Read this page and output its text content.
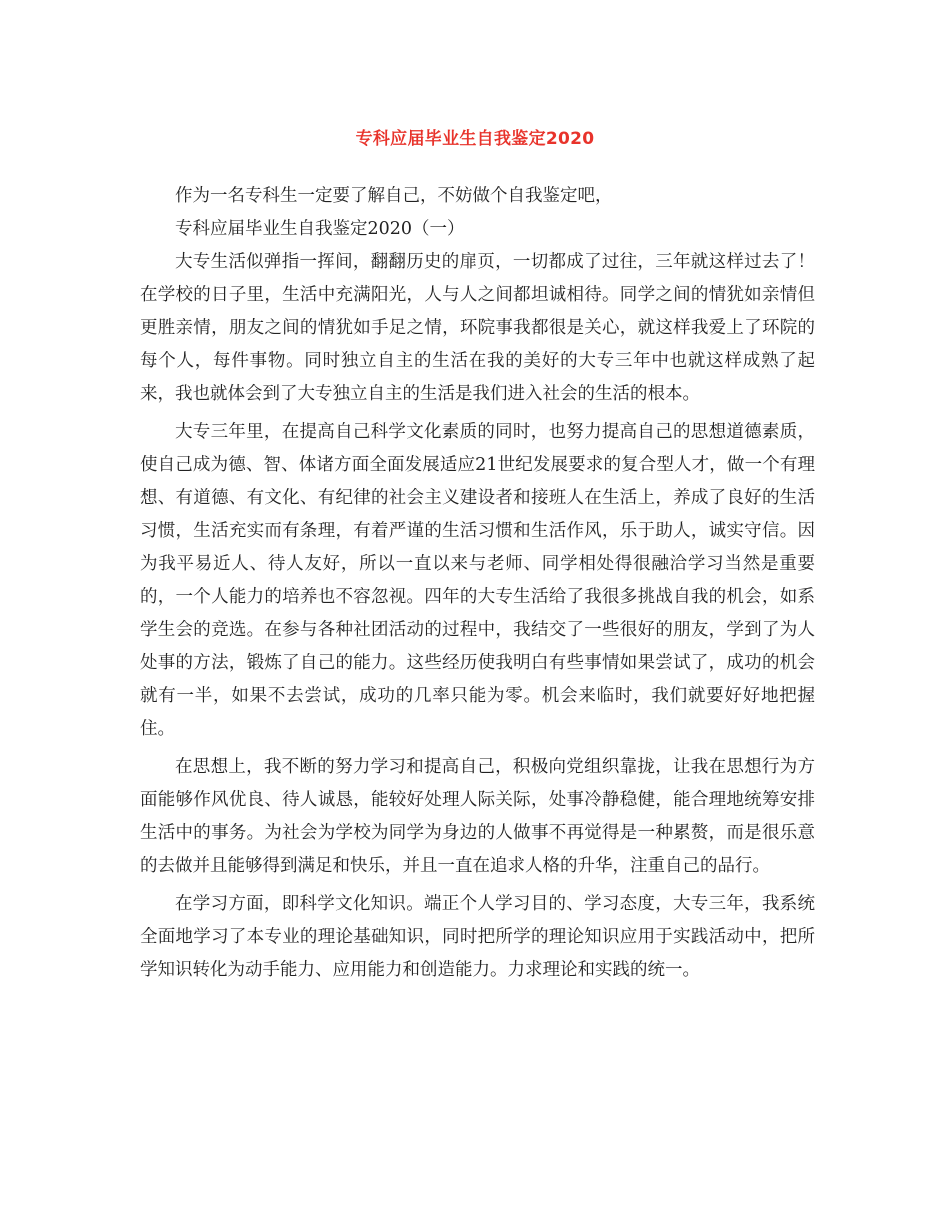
专科应届毕业生自我鉴定2020

作为一名专科生一定要了解自己，不妨做个自我鉴定吧，

专科应届毕业生自我鉴定2020（一）

大专生活似弹指一挥间，翻翻历史的扉页，一切都成了过往，三年就这样过去了！　在学校的日子里，生活中充满阳光，人与人之间都坦诚相待。同学之间的情犹如亲情但更胜亲情，朋友之间的情犹如手足之情，环院事我都很是关心，就这样我爱上了环院的每个人，每件事物。同时独立自主的生活在我的美好的大专三年中也就这样成熟了起来，我也就体会到了大专独立自主的生活是我们进入社会的生活的根本。

大专三年里，在提高自己科学文化素质的同时，也努力提高自己的思想道德素质，使自己成为德、智、体诸方面全面发展适应21世纪发展要求的复合型人才，做一个有理想、有道德、有文化、有纪律的社会主义建设者和接班人在生活上，养成了良好的生活习惯，生活充实而有条理，有着严谨的生活习惯和生活作风，乐于助人，诚实守信。因为我平易近人、待人友好，所以一直以来与老师、同学相处得很融洽学习当然是重要的，一个人能力的培养也不容忽视。四年的大专生活给了我很多挑战自我的机会，如系学生会的竞选。在参与各种社团活动的过程中，我结交了一些很好的朋友，学到了为人处事的方法，锻炼了自己的能力。这些经历使我明白有些事情如果尝试了，成功的机会就有一半，如果不去尝试，成功的几率只能为零。机会来临时，我们就要好好地把握住。

在思想上，我不断的努力学习和提高自己，积极向党组织靠拢，让我在思想行为方面能够作风优良、待人诚恳，能较好处理人际关际，处事冷静稳健，能合理地统筹安排生活中的事务。为社会为学校为同学为身边的人做事不再觉得是一种累赘，而是很乐意的去做并且能够得到满足和快乐，并且一直在追求人格的升华，注重自己的品行。

在学习方面，即科学文化知识。端正个人学习目的、学习态度，大专三年，我系统全面地学习了本专业的理论基础知识，同时把所学的理论知识应用于实践活动中，把所学知识转化为动手能力、应用能力和创造能力。力求理论和实践的统一。
